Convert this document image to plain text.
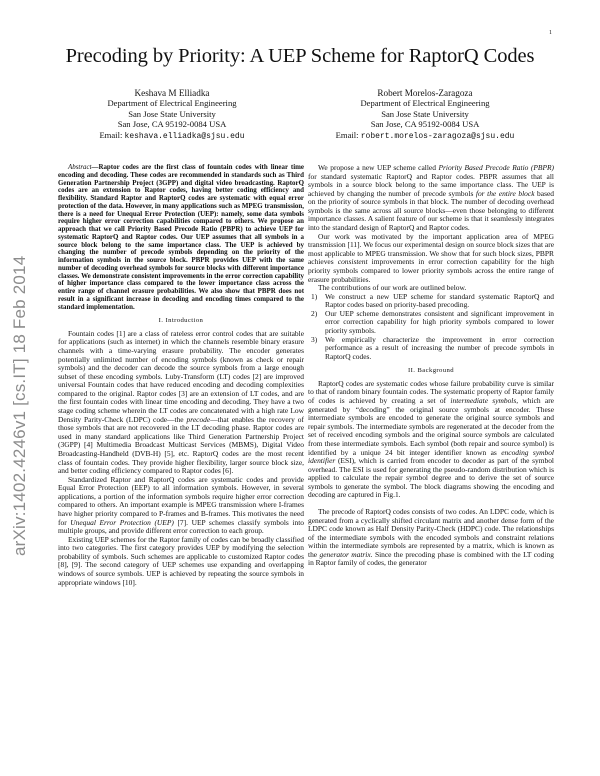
1
arXiv:1402.4246v1 [cs.IT] 18 Feb 2014
Precoding by Priority: A UEP Scheme for RaptorQ Codes
Keshava M Elliadka
Department of Electrical Engineering
San Jose State University
San Jose, CA 95192-0084 USA
Email: keshava.elliadka@sjsu.edu
Robert Morelos-Zaragoza
Department of Electrical Engineering
San Jose State University
San Jose, CA 95192-0084 USA
Email: robert.morelos-zaragoza@sjsu.edu

Abstract—Raptor codes are the first class of fountain codes with linear time encoding and decoding. These codes are recommended in standards such as Third Generation Partnership Project (3GPP) and digital video broadcasting. RaptorQ codes are an extension to Raptor codes, having better coding efficiency and flexibility. Standard Raptor and RaptorQ codes are systematic with equal error protection of the data. However, in many applications such as MPEG transmission, there is a need for Unequal Error Protection (UEP): namely, some data symbols require higher error correction capabilities compared to others. We propose an approach that we call Priority Based Precode Ratio (PBPR) to achieve UEP for systematic RaptorQ and Raptor codes. Our UEP assumes that all symbols in a source block belong to the same importance class. The UEP is achieved by changing the number of precode symbols depending on the priority of the information symbols in the source block. PBPR provides UEP with the same number of decoding overhead symbols for source blocks with different importance classes. We demonstrate consistent improvements in the error correction capability of higher importance class compared to the lower importance class across the entire range of channel erasure probabilities. We also show that PBPR does not result in a significant increase in decoding and encoding times compared to the standard implementation.

I. Introduction

Fountain codes [1] are a class of rateless error control codes that are suitable for applications (such as internet) in which the channels resemble binary erasure channels with a time-varying erasure probability. The encoder generates potentially unlimited number of encoding symbols (known as check or repair symbols) and the decoder can decode the source symbols from a large enough subset of these encoding symbols. Luby-Transform (LT) codes [2] are improved universal Fountain codes that have reduced encoding and decoding complexities compared to the original. Raptor codes [3] are an extension of LT codes, and are the first fountain codes with linear time encoding and decoding. They have a two stage coding scheme wherein the LT codes are concatenated with a high rate Low Density Parity-Check (LDPC) code—the precode—that enables the recovery of those symbols that are not recovered in the LT decoding phase. Raptor codes are used in many standard applications like Third Generation Partnership Project (3GPP) [4] Multimedia Broadcast Multicast Services (MBMS), Digital Video Broadcasting-Handheld (DVB-H) [5], etc. RaptorQ codes are the most recent class of fountain codes. They provide higher flexibility, larger source block size, and better coding efficiency compared to Raptor codes [6].

Standardized Raptor and RaptorQ codes are systematic codes and provide Equal Error Protection (EEP) to all information symbols. However, in several applications, a portion of the information symbols require higher error correction compared to others. An important example is MPEG transmission where I-frames have higher priority compared to P-frames and B-frames. This motivates the need for Unequal Error Protection (UEP) [7]. UEP schemes classify symbols into multiple groups, and provide different error correction to each group.

Existing UEP schemes for the Raptor family of codes can be broadly classified into two categories. The first category provides UEP by modifying the selection probability of symbols. Such schemes are applicable to customized Raptor codes [8], [9]. The second category of UEP schemes use expanding and overlapping windows of source symbols. UEP is achieved by repeating the source symbols in appropriate windows [10].

We propose a new UEP scheme called Priority Based Precode Ratio (PBPR) for standard systematic RaptorQ and Raptor codes. PBPR assumes that all symbols in a source block belong to the same importance class. The UEP is achieved by changing the number of precode symbols for the entire block based on the priority of source symbols in that block. The number of decoding overhead symbols is the same across all source blocks—even those belonging to different importance classes. A salient feature of our scheme is that it seamlessly integrates into the standard design of RaptorQ and Raptor codes.

Our work was motivated by the important application area of MPEG transmission [11]. We focus our experimental design on source block sizes that are most applicable to MPEG transmission. We show that for such block sizes, PBPR achieves consistent improvements in error correction capability for the high priority symbols compared to lower priority symbols across the entire range of erasure probabilities.

The contributions of our work are outlined below.

1) We construct a new UEP scheme for standard systematic RaptorQ and Raptor codes based on priority-based precoding.
2) Our UEP scheme demonstrates consistent and significant improvement in error correction capability for high priority symbols compared to lower priority symbols.
3) We empirically characterize the improvement in error correction performance as a result of increasing the number of precode symbols in RaptorQ codes.
II. Background

RaptorQ codes are systematic codes whose failure probability curve is similar to that of random binary fountain codes. The systematic property of Raptor family of codes is achieved by creating a set of intermediate symbols, which are generated by “decoding” the original source symbols at encoder. These intermediate symbols are encoded to generate the original source symbols and repair symbols. The intermediate symbols are regenerated at the decoder from the set of received encoding symbols and the original source symbols are calculated from these intermediate symbols. Each symbol (both repair and source symbol) is identified by a unique 24 bit integer identifier known as encoding symbol identifier (ESI), which is carried from encoder to decoder as part of the symbol overhead. The ESI is used for generating the pseudo-random distribution which is applied to calculate the repair symbol degree and to derive the set of source symbols to generate the symbol. The block diagrams showing the encoding and decoding are captured in Fig.1.

The precode of RaptorQ codes consists of two codes. An LDPC code, which is generated from a cyclically shifted circulant matrix and another dense form of the LDPC code known as Half Density Parity-Check (HDPC) code. The relationships of the intermediate symbols with the encoded symbols and constraint relations within the intermediate symbols are represented by a matrix, which is known as the generator matrix. Since the precoding phase is combined with the LT coding in Raptor family of codes, the generator
